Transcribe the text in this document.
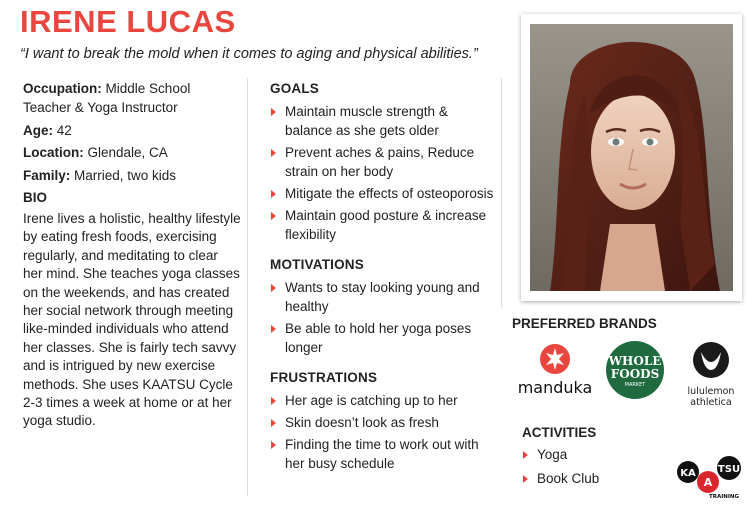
IRENE LUCAS
“I want to break the mold when it comes to aging and physical abilities.”
Occupation: Middle School Teacher & Yoga Instructor
Age: 42
Location: Glendale, CA
Family: Married, two kids
BIO
Irene lives a holistic, healthy lifestyle by eating fresh foods, exercising regularly, and meditating to clear her mind. She teaches yoga classes on the weekends, and has created her social network through meeting like-minded individuals who attend her classes. She is fairly tech savvy and is intrigued by new exercise methods. She uses KAATSU Cycle 2-3 times a week at home or at her yoga studio.
GOALS
Maintain muscle strength & balance as she gets older
Prevent aches & pains, Reduce strain on her body
Mitigate the effects of osteoporosis
Maintain good posture & increase flexibility
MOTIVATIONS
Wants to stay looking young and healthy
Be able to hold her yoga poses longer
FRUSTRATIONS
Her age is catching up to her
Skin doesn’t look as fresh
Finding the time to work out with her busy schedule
PREFERRED BRANDS
manduka
WHOLE
FOODS
MARKET
lululemon
athletica
ACTIVITIES
Yoga
Book Club	KA
A
TSU
TRAINING
